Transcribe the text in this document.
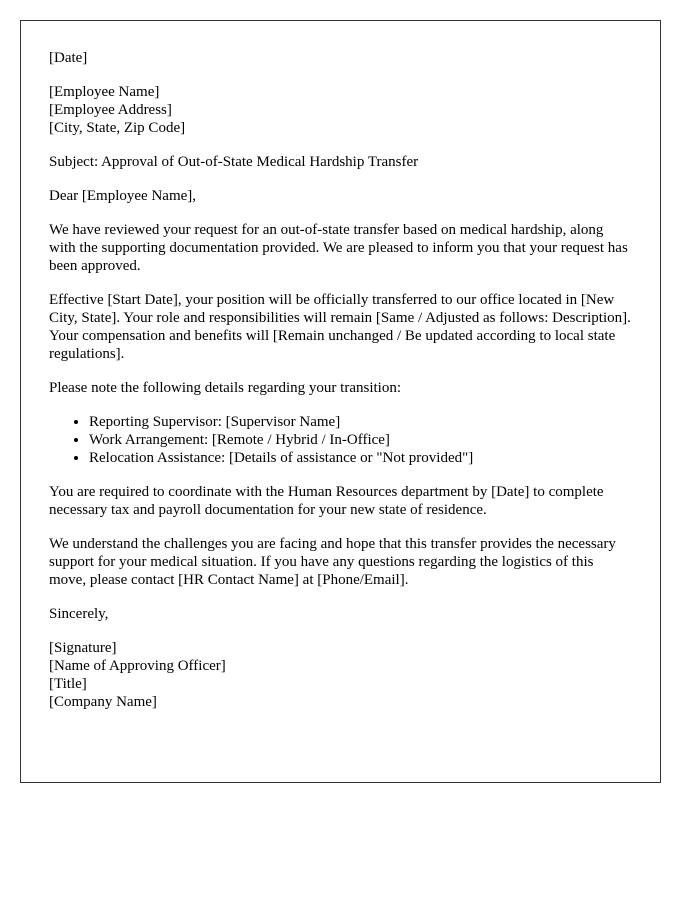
[Date]

[Employee Name]
[Employee Address]
[City, State, Zip Code]

Subject: Approval of Out-of-State Medical Hardship Transfer

Dear [Employee Name],

We have reviewed your request for an out-of-state transfer based on medical hardship, along with the supporting documentation provided. We are pleased to inform you that your request has been approved.

Effective [Start Date], your position will be officially transferred to our office located in [New City, State]. Your role and responsibilities will remain [Same / Adjusted as follows: Description]. Your compensation and benefits will [Remain unchanged / Be updated according to local state regulations].

Please note the following details regarding your transition:

• Reporting Supervisor: [Supervisor Name]
• Work Arrangement: [Remote / Hybrid / In-Office]
• Relocation Assistance: [Details of assistance or "Not provided"]

You are required to coordinate with the Human Resources department by [Date] to complete necessary tax and payroll documentation for your new state of residence.

We understand the challenges you are facing and hope that this transfer provides the necessary support for your medical situation. If you have any questions regarding the logistics of this move, please contact [HR Contact Name] at [Phone/Email].

Sincerely,

[Signature]
[Name of Approving Officer]
[Title]
[Company Name]
